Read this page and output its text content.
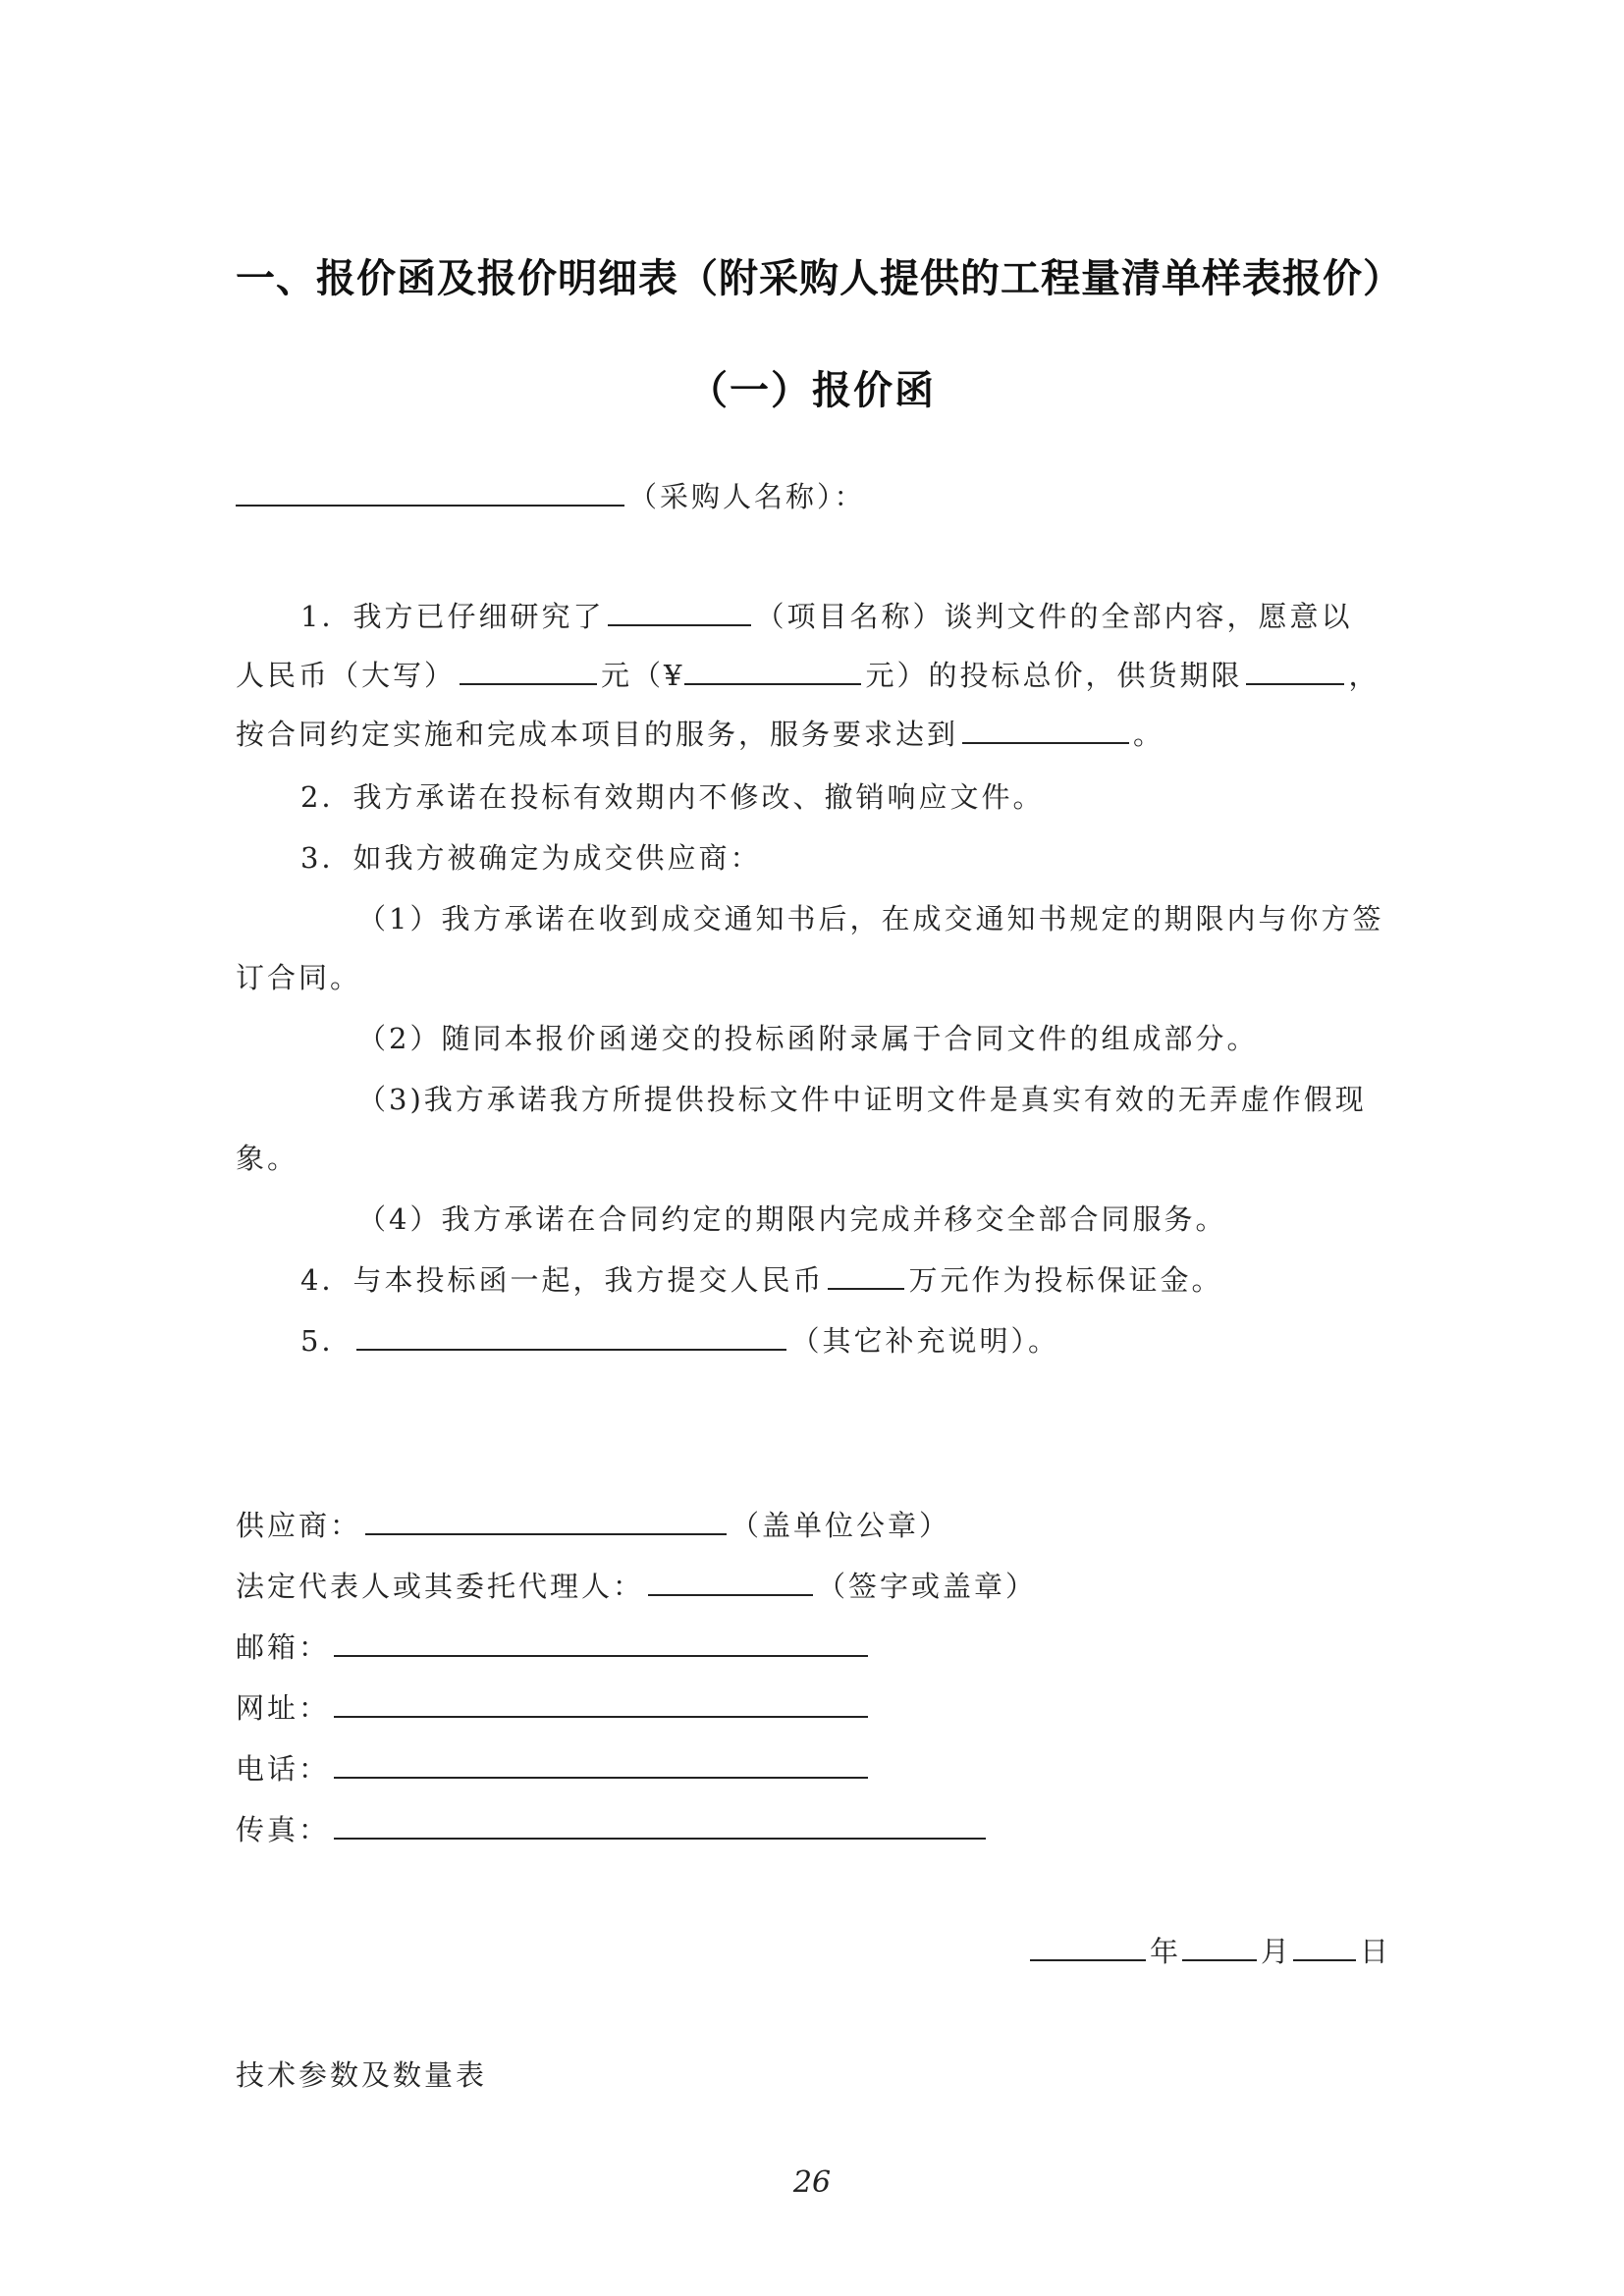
一、报价函及报价明细表（附采购人提供的工程量清单样表报价）
（一）报价函
（采购人名称）：
1．我方已仔细研究了	（项目名称）谈判文件的全部内容，愿意以
人民币（大写）	元（¥	元）的投标总价，供货期限	，
按合同约定实施和完成本项目的服务，服务要求达到	。
2．我方承诺在投标有效期内不修改、撤销响应文件。
3．如我方被确定为成交供应商：
（1）我方承诺在收到成交通知书后，在成交通知书规定的期限内与你方签
订合同。
（2）随同本报价函递交的投标函附录属于合同文件的组成部分。
（3)我方承诺我方所提供投标文件中证明文件是真实有效的无弄虚作假现
象。
（4）我方承诺在合同约定的期限内完成并移交全部合同服务。
4．与本投标函一起，我方提交人民币	万元作为投标保证金。
5．	（其它补充说明）。
供应商：	（盖单位公章）
法定代表人或其委托代理人：	（签字或盖章）
邮箱：
网址：
电话：
传真：
年	月 日
技术参数及数量表
26
